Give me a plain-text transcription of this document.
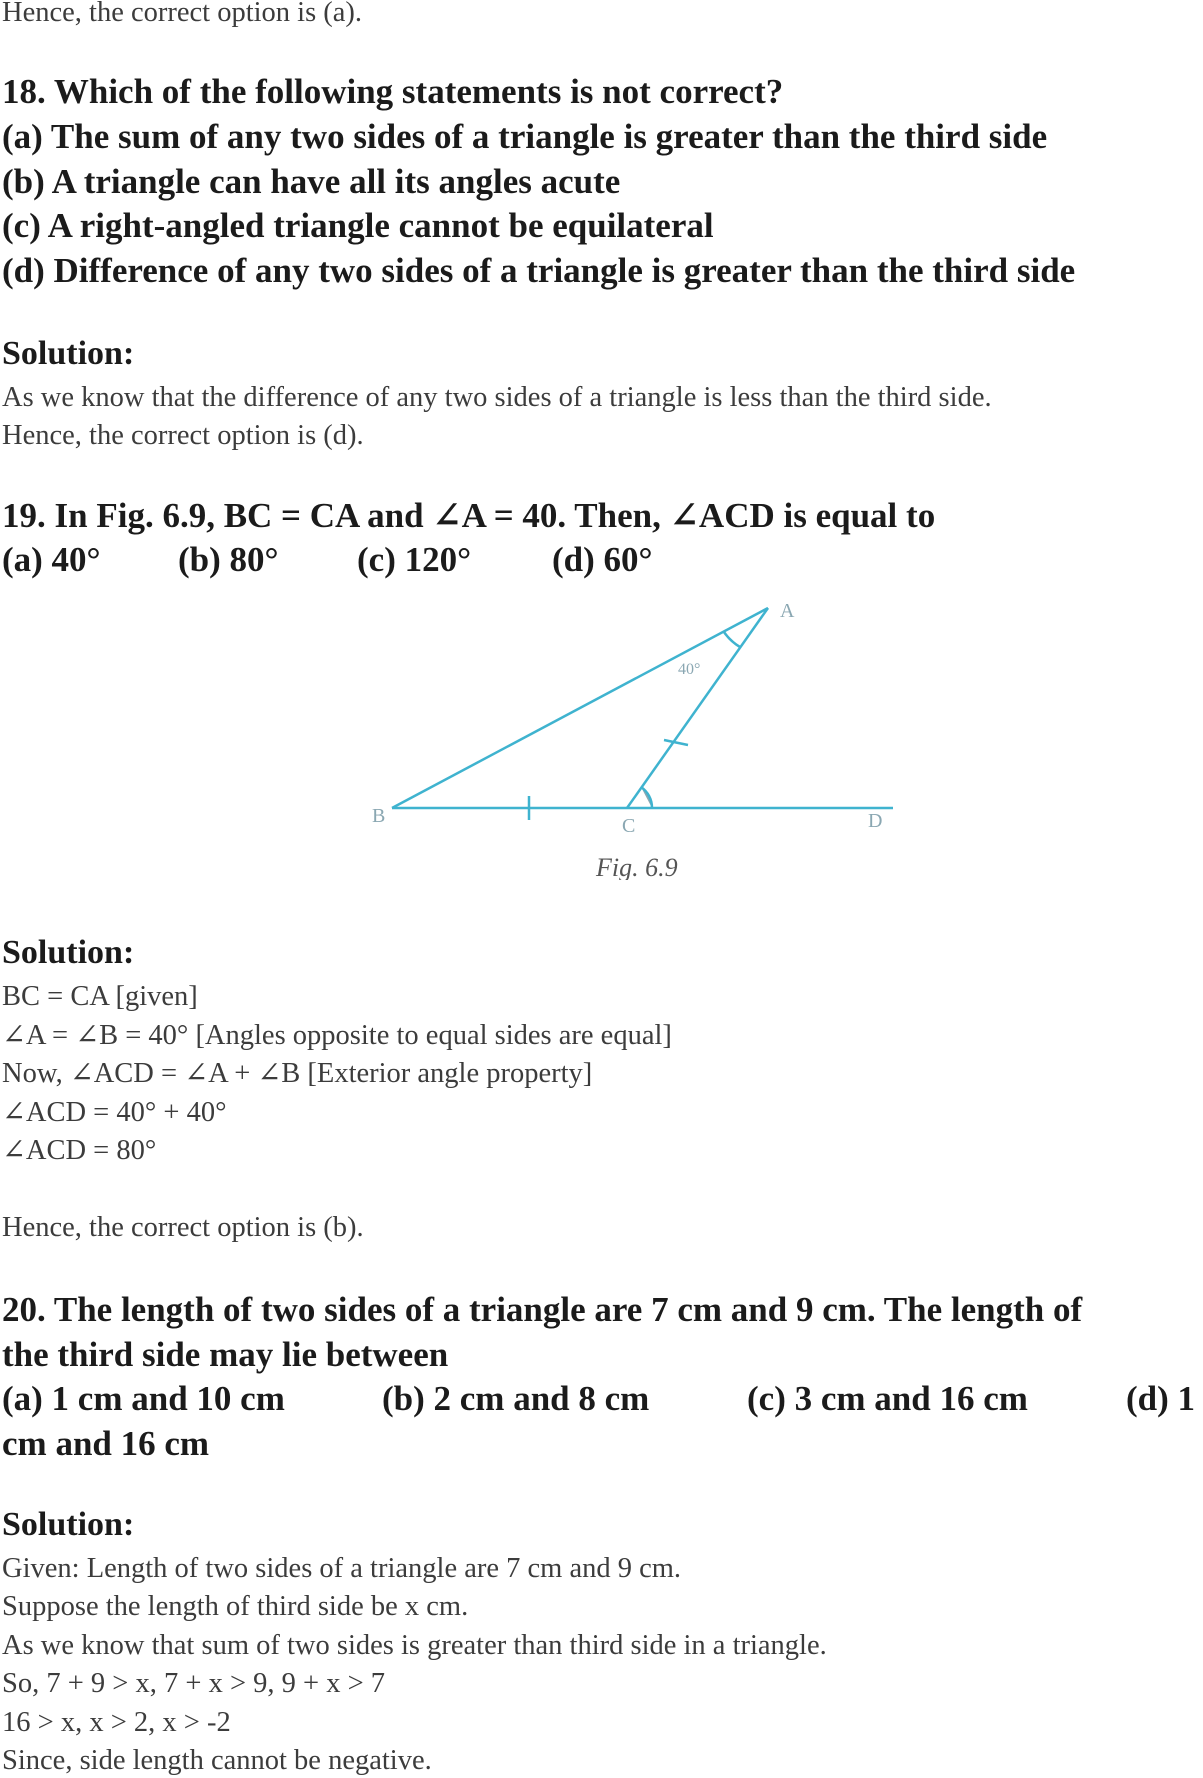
Hence, the correct option is (a).
18. Which of the following statements is not correct?
(a) The sum of any two sides of a triangle is greater than the third side
(b) A triangle can have all its angles acute
(c) A right-angled triangle cannot be equilateral
(d) Difference of any two sides of a triangle is greater than the third side
Solution:
As we know that the difference of any two sides of a triangle is less than the third side.
Hence, the correct option is (d).
19. In Fig. 6.9, BC = CA and ∠A = 40. Then, ∠ACD is equal to
(a) 40° (b) 80° (c) 120° (d) 60°
A
B	C	D
40°
Fig. 6.9
Solution:
BC = CA [given]
∠A = ∠B = 40° [Angles opposite to equal sides are equal]
Now, ∠ACD = ∠A + ∠B [Exterior angle property]
∠ACD = 40° + 40°
∠ACD = 80°
Hence, the correct option is (b).
20. The length of two sides of a triangle are 7 cm and 9 cm. The length of
the third side may lie between
(a) 1 cm and 10 cm	(b) 2 cm and 8 cm	(c) 3 cm and 16 cm	(d) 1
cm and 16 cm
Solution:
Given: Length of two sides of a triangle are 7 cm and 9 cm.
Suppose the length of third side be x cm.
As we know that sum of two sides is greater than third side in a triangle.
So, 7 + 9 > x, 7 + x > 9, 9 + x > 7
16 > x, x > 2, x > -2
Since, side length cannot be negative.
